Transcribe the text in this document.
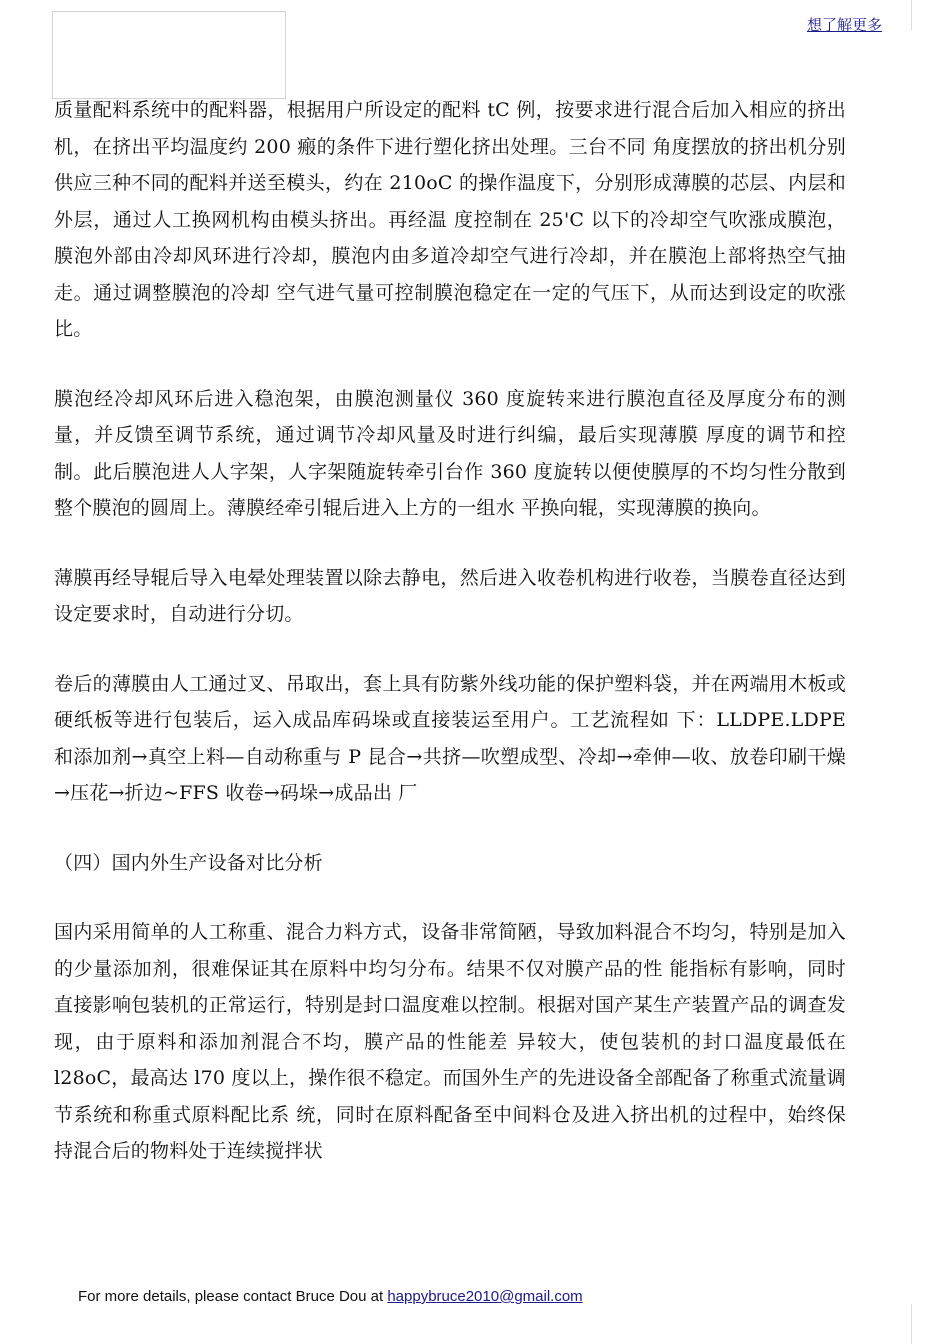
想了解更多

质量配料系统中的配料器，根据用户所设定的配料 tC 例，按要求进行混合后加入相应的挤出机，在挤出平均温度约 200 瘢的条件下进行塑化挤出处理。三台不同 角度摆放的挤出机分别供应三种不同的配料并送至模头，约在 210oC 的操作温度下，分别形成薄膜的芯层、内层和外层，通过人工换网机构由模头挤出。再经温 度控制在 25'C 以下的冷却空气吹涨成膜泡，膜泡外部由冷却风环进行冷却，膜泡内由多道冷却空气进行冷却，并在膜泡上部将热空气抽走。通过调整膜泡的冷却 空气进气量可控制膜泡稳定在一定的气压下，从而达到设定的吹涨比。

膜泡经冷却风环后进入稳泡架，由膜泡测量仪 360 度旋转来进行膜泡直径及厚度分布的测量，并反馈至调节系统，通过调节冷却风量及时进行纠编，最后实现薄膜 厚度的调节和控制。此后膜泡进人人字架，人字架随旋转牵引台作 360 度旋转以便使膜厚的不均匀性分散到整个膜泡的圆周上。薄膜经牵引辊后进入上方的一组水 平换向辊，实现薄膜的换向。

薄膜再经导辊后导入电晕处理装置以除去静电，然后进入收卷机构进行收卷，当膜卷直径达到设定要求时，自动进行分切。

卷后的薄膜由人工通过叉、吊取出，套上具有防紫外线功能的保护塑料袋，并在两端用木板或硬纸板等进行包装后，运入成品库码垛或直接装运至用户。工艺流程如 下：LLDPE.LDPE 和添加剂→真空上料—自动称重与 P 昆合→共挤—吹塑成型、冷却→牵伸—收、放卷印刷干燥→压花→折边~FFS 收卷→码垛→成品出 厂

（四）国内外生产设备对比分析

国内采用简单的人工称重、混合力料方式，设备非常简陋，导致加料混合不均匀，特别是加入的少量添加剂，很难保证其在原料中均匀分布。结果不仅对膜产品的性 能指标有影响，同时直接影响包装机的正常运行，特别是封口温度难以控制。根据对国产某生产装置产品的调查发现，由于原料和添加剂混合不均，膜产品的性能差 异较大，使包装机的封口温度最低在 l28oC，最高达 l70 度以上，操作很不稳定。而国外生产的先进设备全部配备了称重式流量调节系统和称重式原料配比系 统，同时在原料配备至中间料仓及进入挤出机的过程中，始终保持混合后的物料处于连续搅拌状

For more details, please contact Bruce Dou at happybruce2010@gmail.com
